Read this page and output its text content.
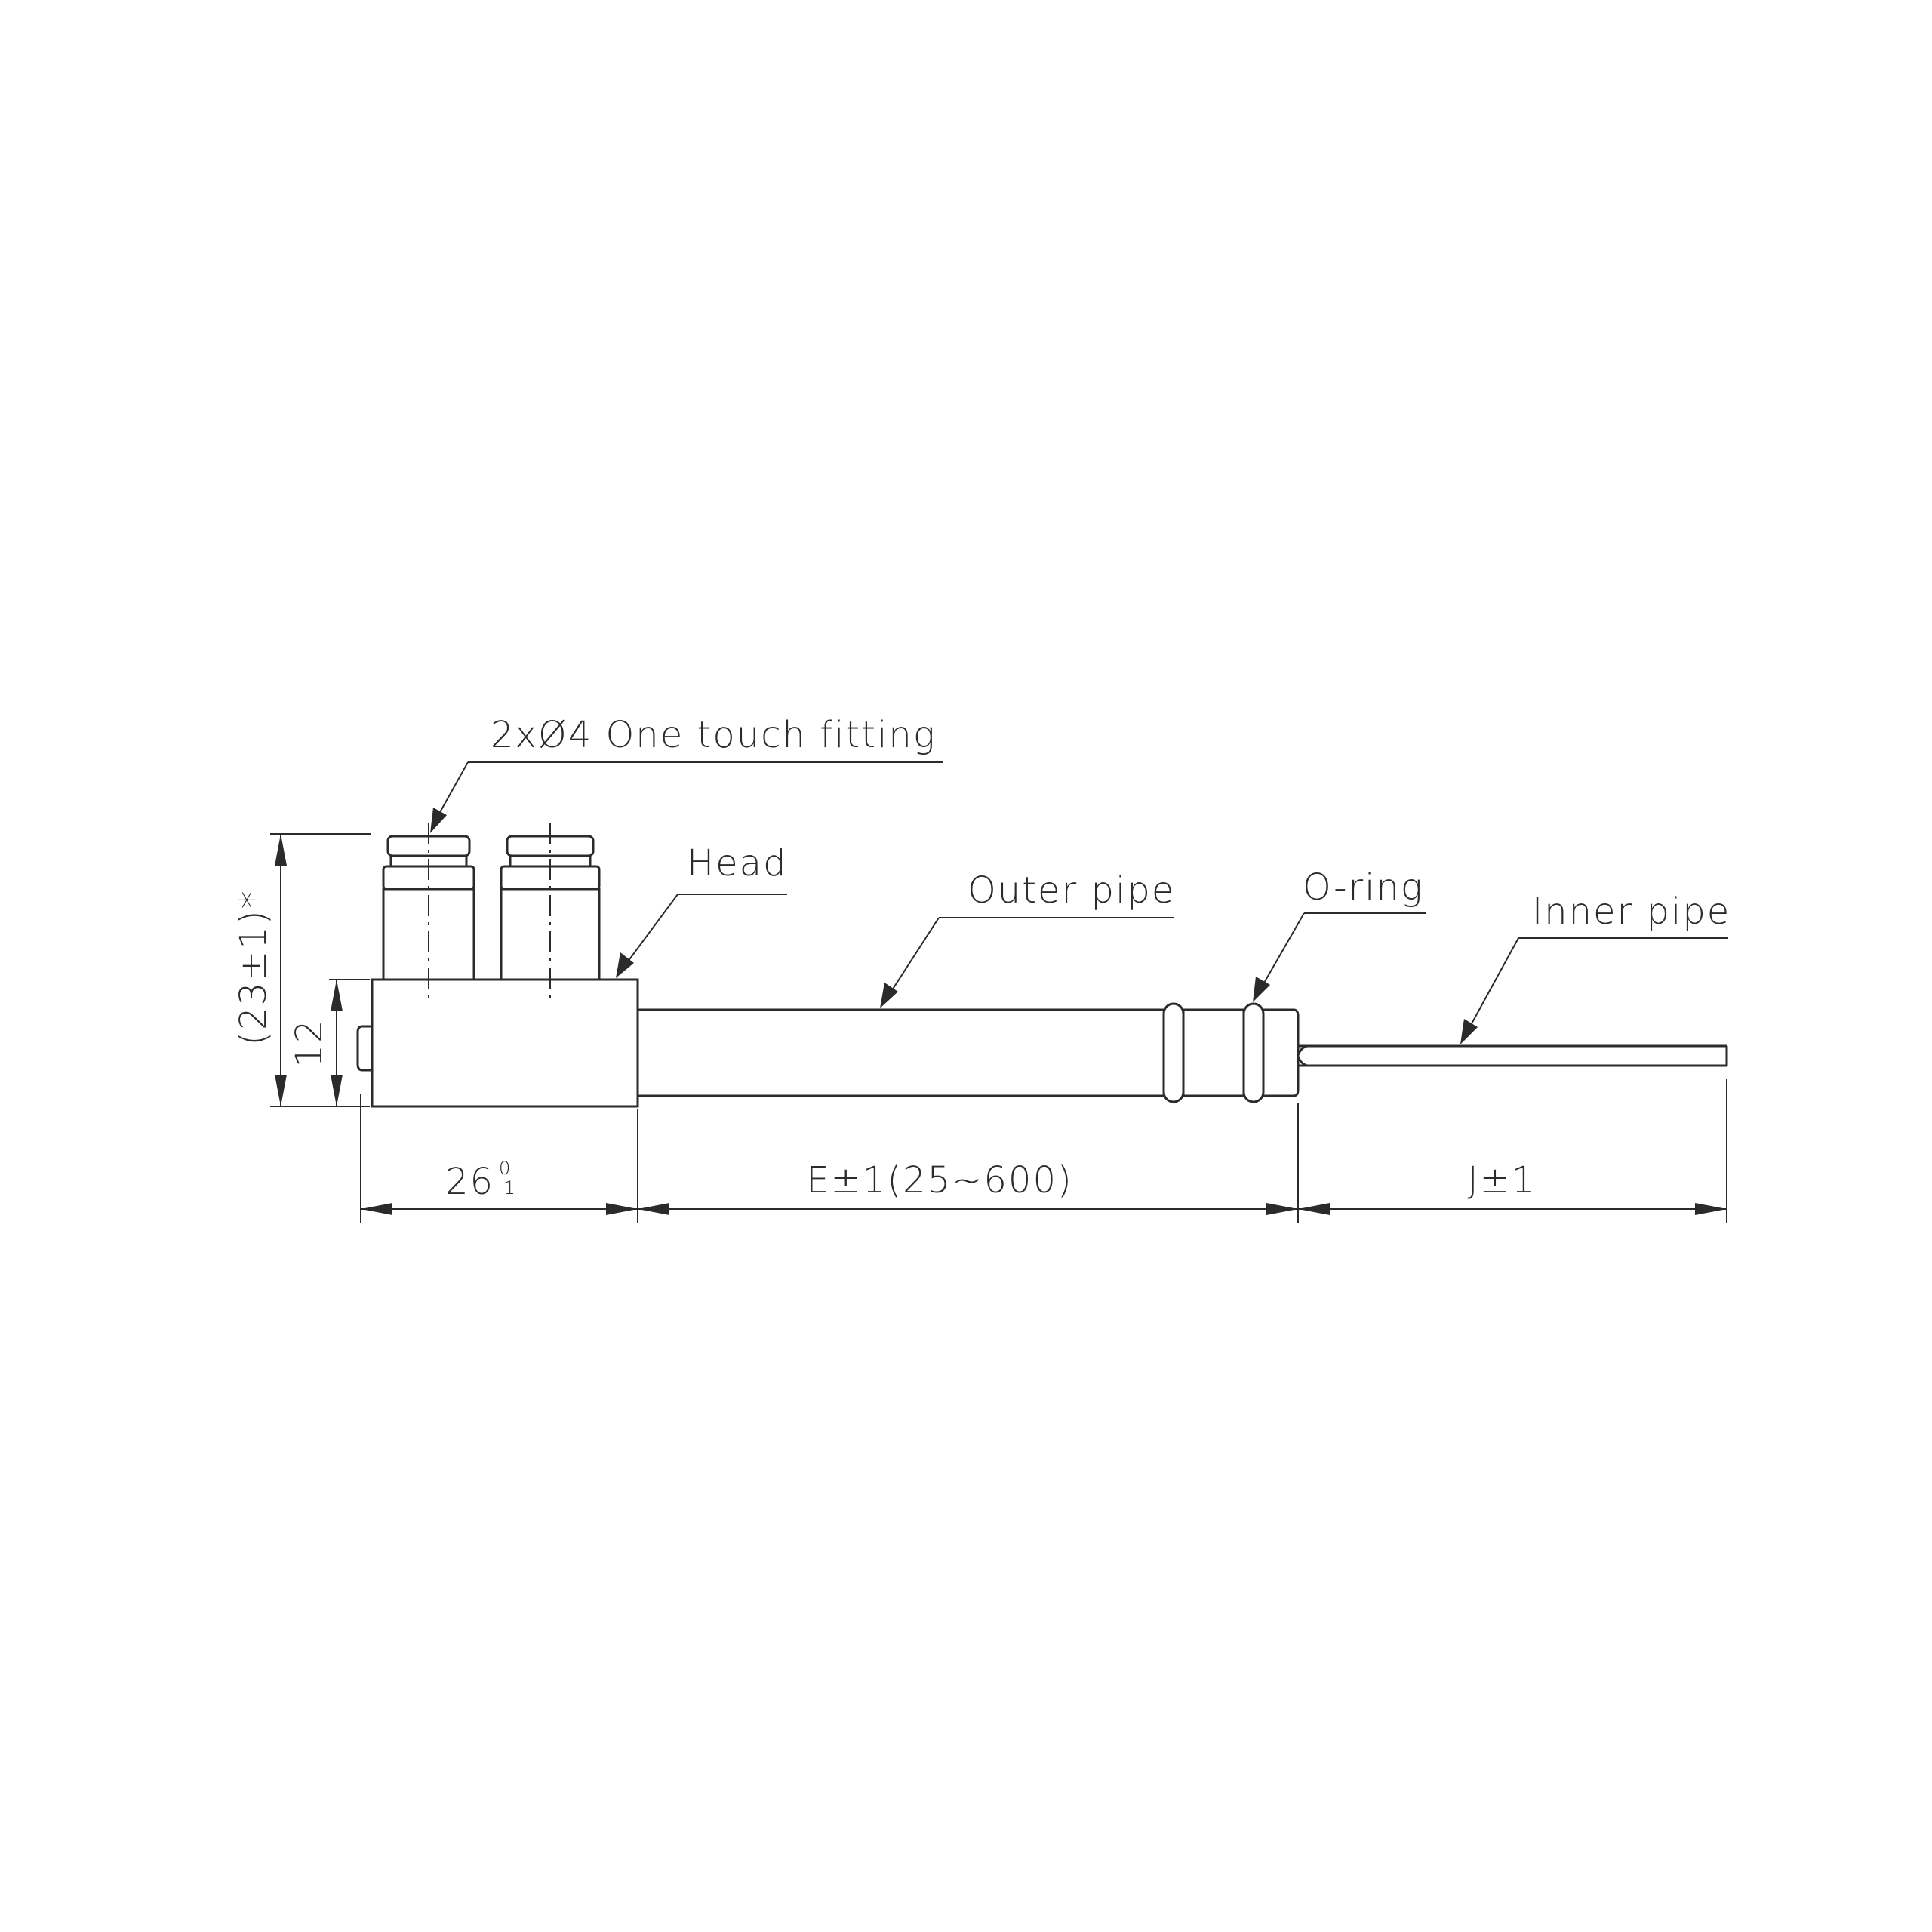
2xØ4 One touch fitting
Head
Outer pipe	O-ring
Inner pipe
(23±1)* 12
26 0
-1	E±1(25~600)	J±1
